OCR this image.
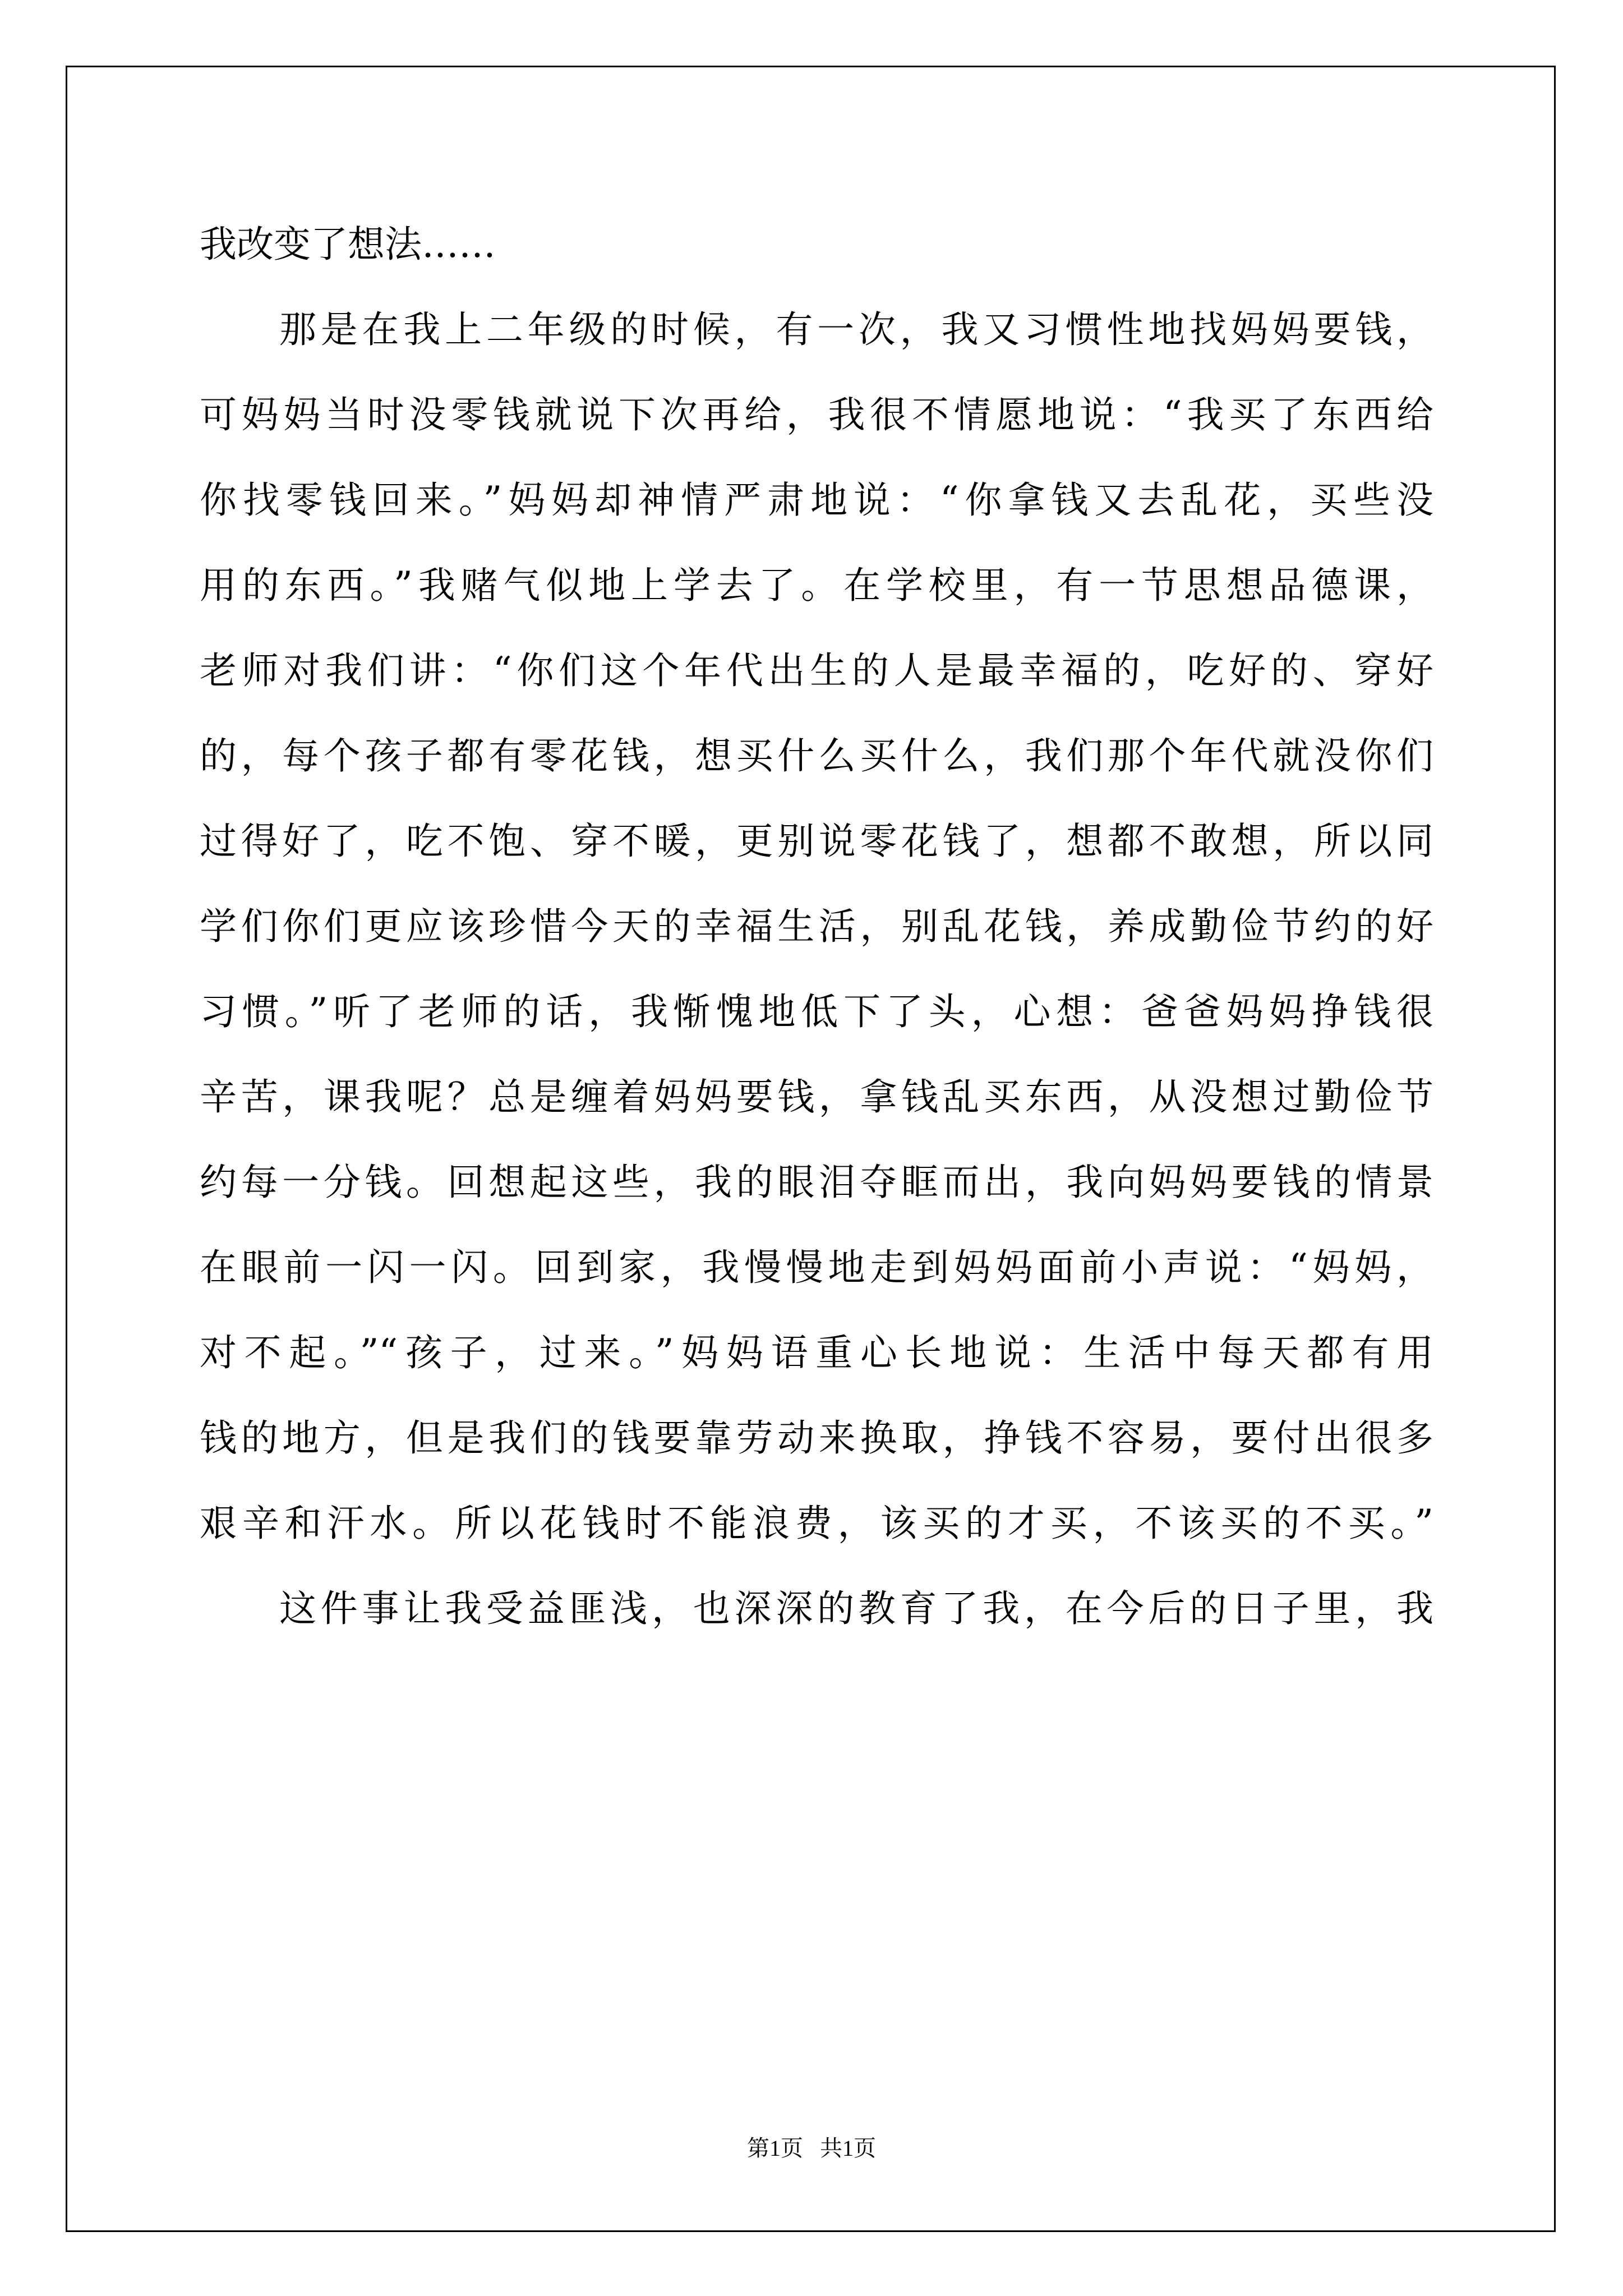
我改变了想法……
那是在我上二年级的时候，有一次，我又习惯性地找妈妈要钱，
可妈妈当时没零钱就说下次再给，我很不情愿地说：“我买了东西给
你找零钱回来。”妈妈却神情严肃地说：“你拿钱又去乱花，买些没
用的东西。”我赌气似地上学去了。在学校里，有一节思想品德课，
老师对我们讲：“你们这个年代出生的人是最幸福的，吃好的、穿好
的，每个孩子都有零花钱，想买什么买什么，我们那个年代就没你们
过得好了，吃不饱、穿不暖，更别说零花钱了，想都不敢想，所以同
学们你们更应该珍惜今天的幸福生活，别乱花钱，养成勤俭节约的好
习惯。”听了老师的话，我惭愧地低下了头，心想：爸爸妈妈挣钱很
辛苦，课我呢？总是缠着妈妈要钱，拿钱乱买东西，从没想过勤俭节
约每一分钱。回想起这些，我的眼泪夺眶而出，我向妈妈要钱的情景
在眼前一闪一闪。回到家，我慢慢地走到妈妈面前小声说：“妈妈，
对不起。”“孩子，过来。”妈妈语重心长地说：生活中每天都有用
钱的地方，但是我们的钱要靠劳动来换取，挣钱不容易，要付出很多
艰辛和汗水。所以花钱时不能浪费，该买的才买，不该买的不买。”
这件事让我受益匪浅，也深深的教育了我，在今后的日子里，我
第1页   共1页
